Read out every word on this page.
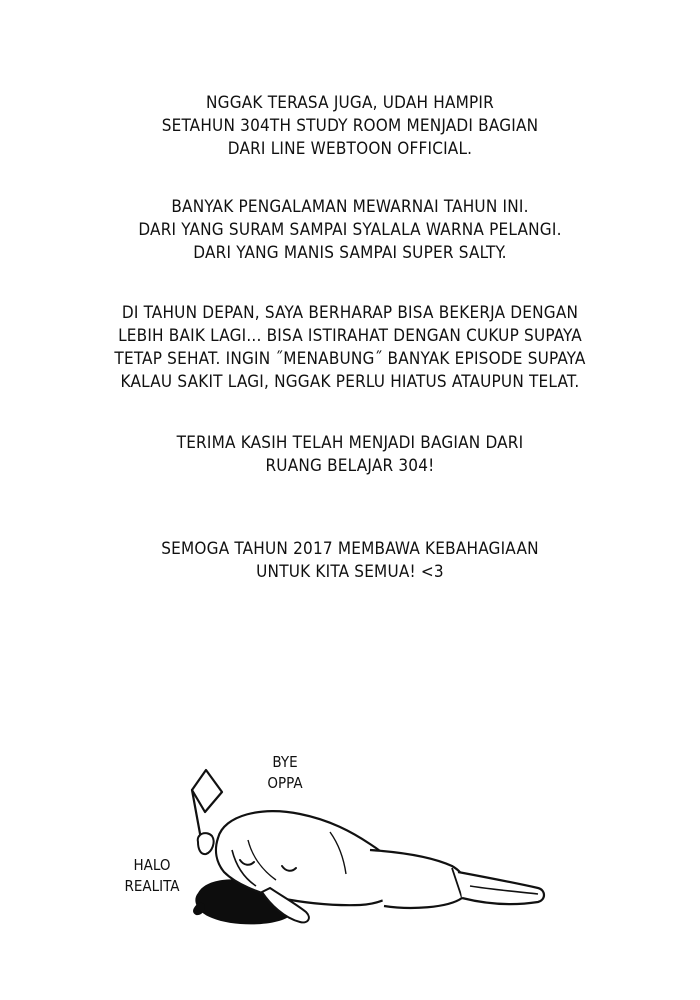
NGGAK TERASA JUGA, UDAH HAMPIR
SETAHUN 304TH STUDY ROOM MENJADI BAGIAN
DARI LINE WEBTOON OFFICIAL.
BANYAK PENGALAMAN MEWARNAI TAHUN INI.
DARI YANG SURAM SAMPAI SYALALA WARNA PELANGI.
DARI YANG MANIS SAMPAI SUPER SALTY.
DI TAHUN DEPAN, SAYA BERHARAP BISA BEKERJA DENGAN
LEBIH BAIK LAGI... BISA ISTIRAHAT DENGAN CUKUP SUPAYA
TETAP SEHAT. INGIN ˝MENABUNG˝ BANYAK EPISODE SUPAYA
KALAU SAKIT LAGI, NGGAK PERLU HIATUS ATAUPUN TELAT.
TERIMA KASIH TELAH MENJADI BAGIAN DARI
RUANG BELAJAR 304!
SEMOGA TAHUN 2017 MEMBAWA KEBAHAGIAAN
UNTUK KITA SEMUA! <3
BYE
OPPA
HALO
REALITA
